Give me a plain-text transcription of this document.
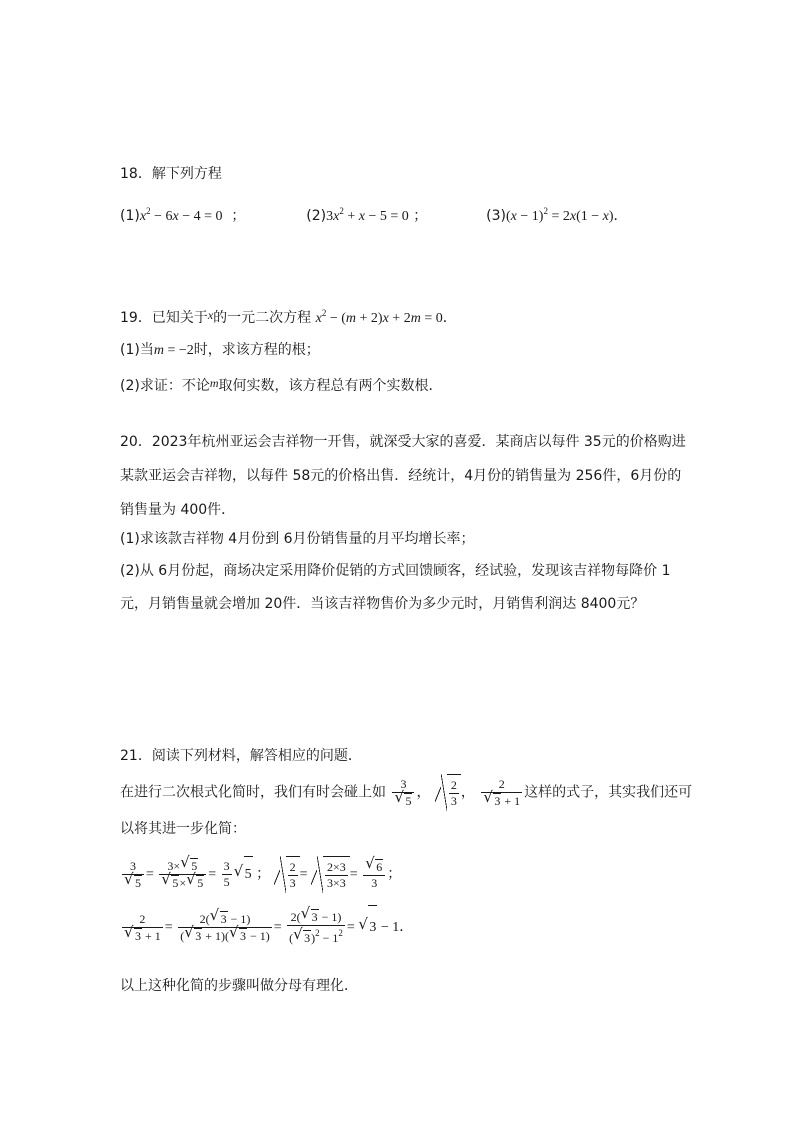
18．解下列方程
$(1)x^2 - 6x - 4 = 0$ ；	$(2)3x^2 + x - 5 = 0$ ；	$(3)(x - 1)^2 = 2x(1 - x)$．
19．已知关于x的一元二次方程 $x^2 - (m + 2)x + 2m = 0$．
(1)当m = −2时，求该方程的根；
(2)求证：不论m取何实数，该方程总有两个实数根．
20．2023年杭州亚运会吉祥物一开售，就深受大家的喜爱．某商店以每件 35元的价格购进
某款亚运会吉祥物，以每件 58元的价格出售．经统计，4月份的销售量为 256件，6月份的
销售量为 400件．
(1)求该款吉祥物 4月份到 6月份销售量的月平均增长率；
(2)从 6月份起，商场决定采用降价促销的方式回馈顾客，经试验，发现该吉祥物每降价 1
元，月销售量就会增加 20件．当该吉祥物售价为多少元时，月销售利润达 8400元？
21．阅读下列材料，解答相应的问题．
在进行二次根式化简时，我们有时会碰上如 3
√ 5 ， $\frac{2}{3}$ ， 2
√ 3 + 1 这样的式子，其实我们还可
以将其进一步化简：
3
√ 5 = 3× √ 5
√ 5× √ $5 = \frac{3}{5}$ √ 5 ； $\frac{2}{3} = \frac{2\times 3}{3\times 3}$ = √ $\frac{6}{3}$ ；
2
√ $3 + 1 = \frac{2( √ 3 - 1)}{( √ 3 + 1)( √ 3 - 1)} = \frac{2( √ 3 - 1)}{( √ 3)^2 - 1^2}$ = √ 3 − 1．
以上这种化简的步骤叫做分母有理化．
